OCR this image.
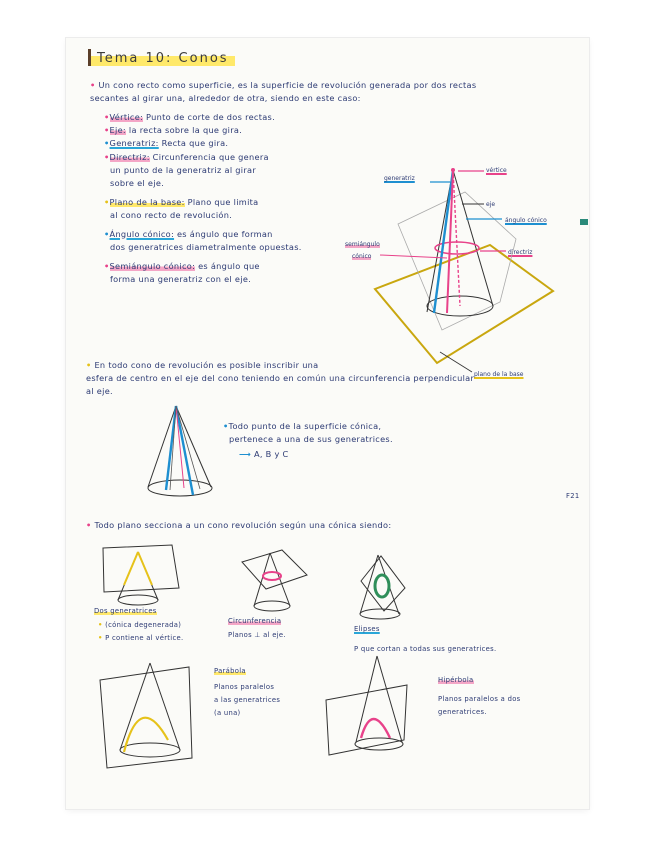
Tema 10: Conos
• Un cono recto como superficie, es la superficie de revolución generada por dos rectas
secantes al girar una, alrededor de otra, siendo en este caso:
•Vértice: Punto de corte de dos rectas.
•Eje: la recta sobre la que gira.
•Generatriz: Recta que gira.
•Directriz: Circunferencia que genera
un punto de la generatriz al girar
sobre el eje.
•Plano de la base: Plano que limita
al cono recto de revolución.
•Ángulo cónico: es ángulo que forman
dos generatrices diametralmente opuestas.
•Semiángulo cónico: es ángulo que
forma una generatriz con el eje.
generatriz
vértice
eje
ángulo cónico
directriz
semiángulo
cónico
plano de la base
• En todo cono de revolución es posible inscribir una
esfera de centro en el eje del cono teniendo en común una circunferencia perpendicular
al eje.
•Todo punto de la superficie cónica,
pertenece a una de sus generatrices.
⟶ A, B y C
F21
• Todo plano secciona a un cono revolución según una cónica siendo:
Dos generatrices
• (cónica degenerada)
• P contiene al vértice.
Circunferencia
Planos ⊥ al eje.
Elipses
P que cortan a todas sus generatrices.
Parábola
Planos paralelos
a las generatrices
(a una)
Hipérbola
Planos paralelos a dos
generatrices.
